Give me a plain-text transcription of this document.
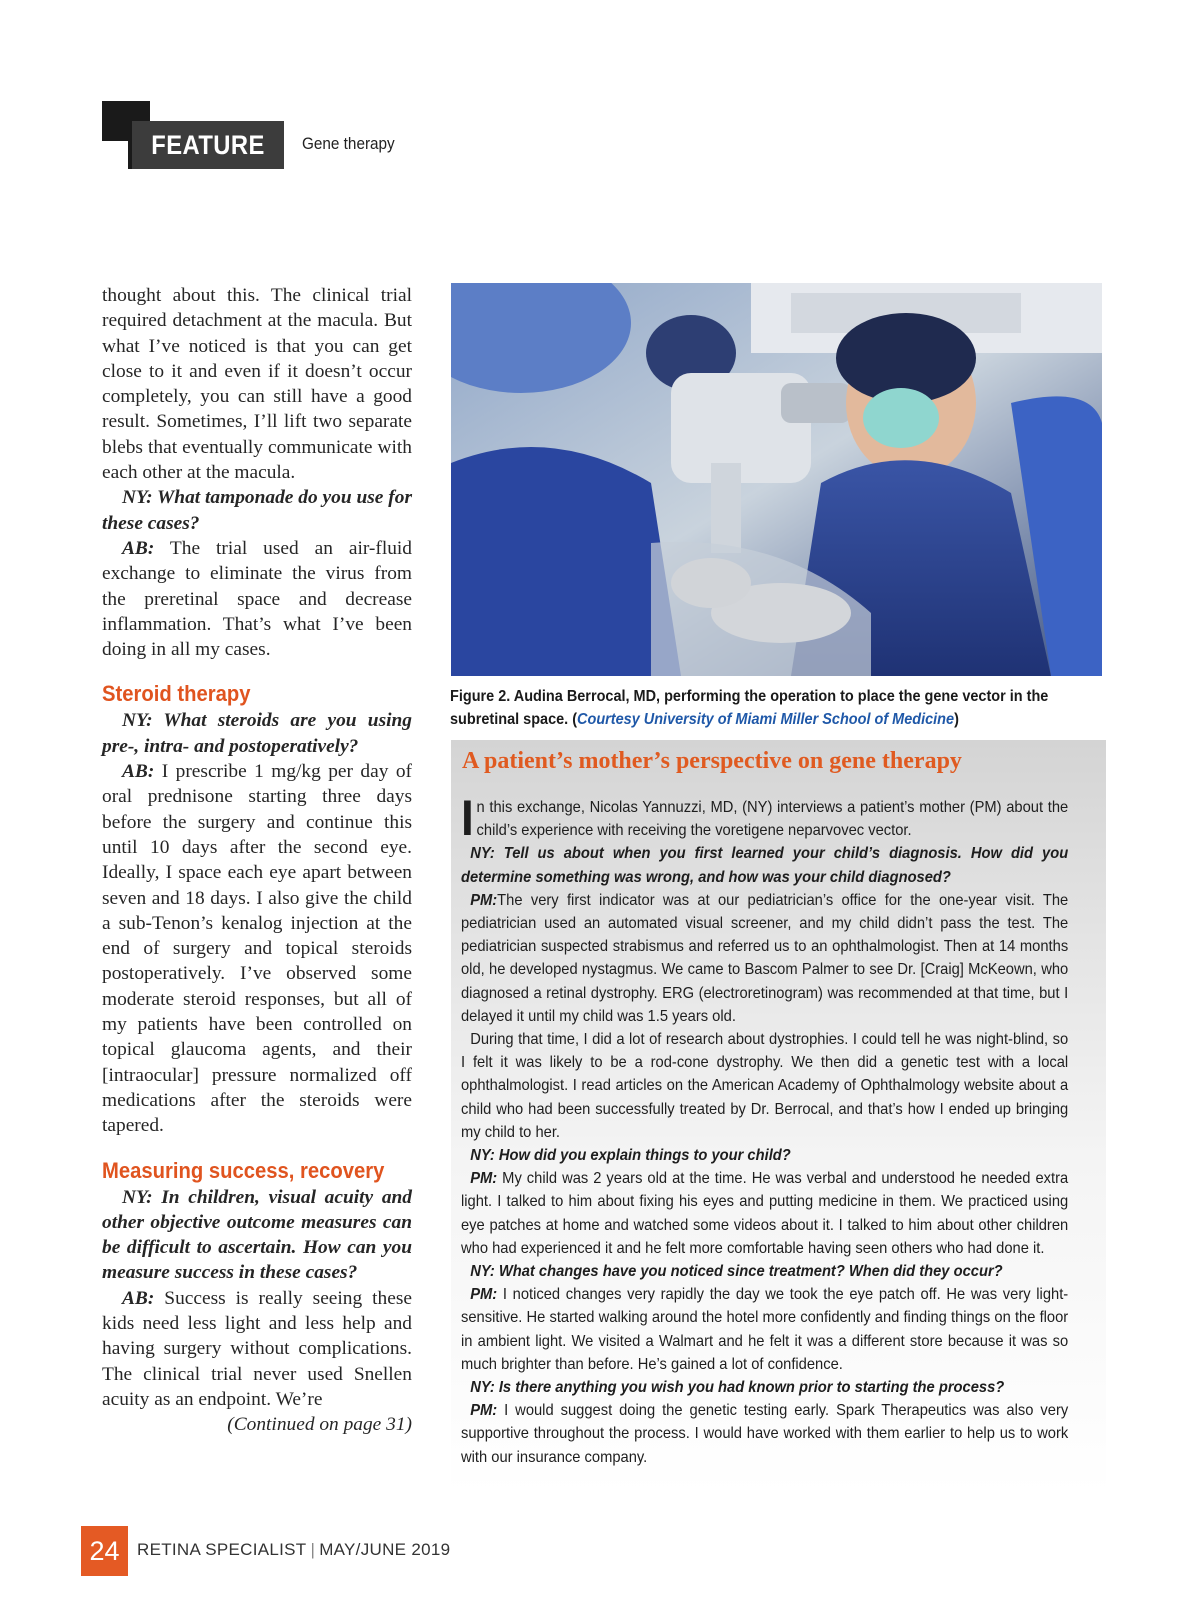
FEATURE	Gene therapy

thought about this. The clinical trial required detachment at the macula. But what I’ve noticed is that you can get close to it and even if it doesn’t occur completely, you can still have a good result. Sometimes, I’ll lift two separate blebs that eventually communicate with each other at the macula.

NY: What tamponade do you use for these cases?

AB: The trial used an air-fluid exchange to eliminate the virus from the preretinal space and decrease inflammation. That’s what I’ve been doing in all my cases.

Steroid therapy

NY: What steroids are you using pre-, intra- and postoperatively?

AB: I prescribe 1 mg/kg per day of oral prednisone starting three days before the surgery and continue this until 10 days after the second eye. Ideally, I space each eye apart between seven and 18 days. I also give the child a sub-Tenon’s kenalog injection at the end of surgery and topical steroids postoperatively. I’ve observed some moderate steroid responses, but all of my patients have been controlled on topical glaucoma agents, and their [intraocular] pressure normalized off medications after the steroids were tapered.

Measuring success, recovery

NY: In children, visual acuity and other objective outcome measures can be difficult to ascertain. How can you measure success in these cases?

AB: Success is really seeing these kids need less light and less help and having surgery without complications. The clinical trial never used Snellen acuity as an endpoint. We’re

(Continued on page 31)

Figure 2. Audina Berrocal, MD, performing the operation to place the gene vector in the subretinal space. (Courtesy University of Miami Miller School of Medicine)
A patient’s mother’s perspective on gene therapy

In this exchange, Nicolas Yannuzzi, MD, (NY) interviews a patient’s mother (PM) about the child’s experience with receiving the voretigene neparvovec vector.

NY: Tell us about when you first learned your child’s diagnosis. How did you determine something was wrong, and how was your child diagnosed?

PM:The very first indicator was at our pediatrician’s office for the one-year visit. The pediatrician used an automated visual screener, and my child didn’t pass the test. The pediatrician suspected strabismus and referred us to an ophthalmologist. Then at 14 months old, he developed nystagmus. We came to Bascom Palmer to see Dr. [Craig] McKeown, who diagnosed a retinal dystrophy. ERG (electroretinogram) was recommended at that time, but I delayed it until my child was 1.5 years old.

During that time, I did a lot of research about dystrophies. I could tell he was night-blind, so I felt it was likely to be a rod-cone dystrophy. We then did a genetic test with a local ophthalmologist. I read articles on the American Academy of Ophthalmology website about a child who had been successfully treated by Dr. Berrocal, and that’s how I ended up bringing my child to her.

NY: How did you explain things to your child?

PM: My child was 2 years old at the time. He was verbal and understood he needed extra light. I talked to him about fixing his eyes and putting medicine in them. We practiced using eye patches at home and watched some videos about it. I talked to him about other children who had experienced it and he felt more comfortable having seen others who had done it.

NY: What changes have you noticed since treatment? When did they occur?

PM: I noticed changes very rapidly the day we took the eye patch off. He was very light-sensitive. He started walking around the hotel more confidently and finding things on the floor in ambient light. We visited a Walmart and he felt it was a different store because it was so much brighter than before. He’s gained a lot of confidence.

NY: Is there anything you wish you had known prior to starting the process?

PM: I would suggest doing the genetic testing early. Spark Therapeutics was also very supportive throughout the process. I would have worked with them earlier to help us to work with our insurance company.

24	RETINA SPECIALIST | MAY/JUNE 2019
